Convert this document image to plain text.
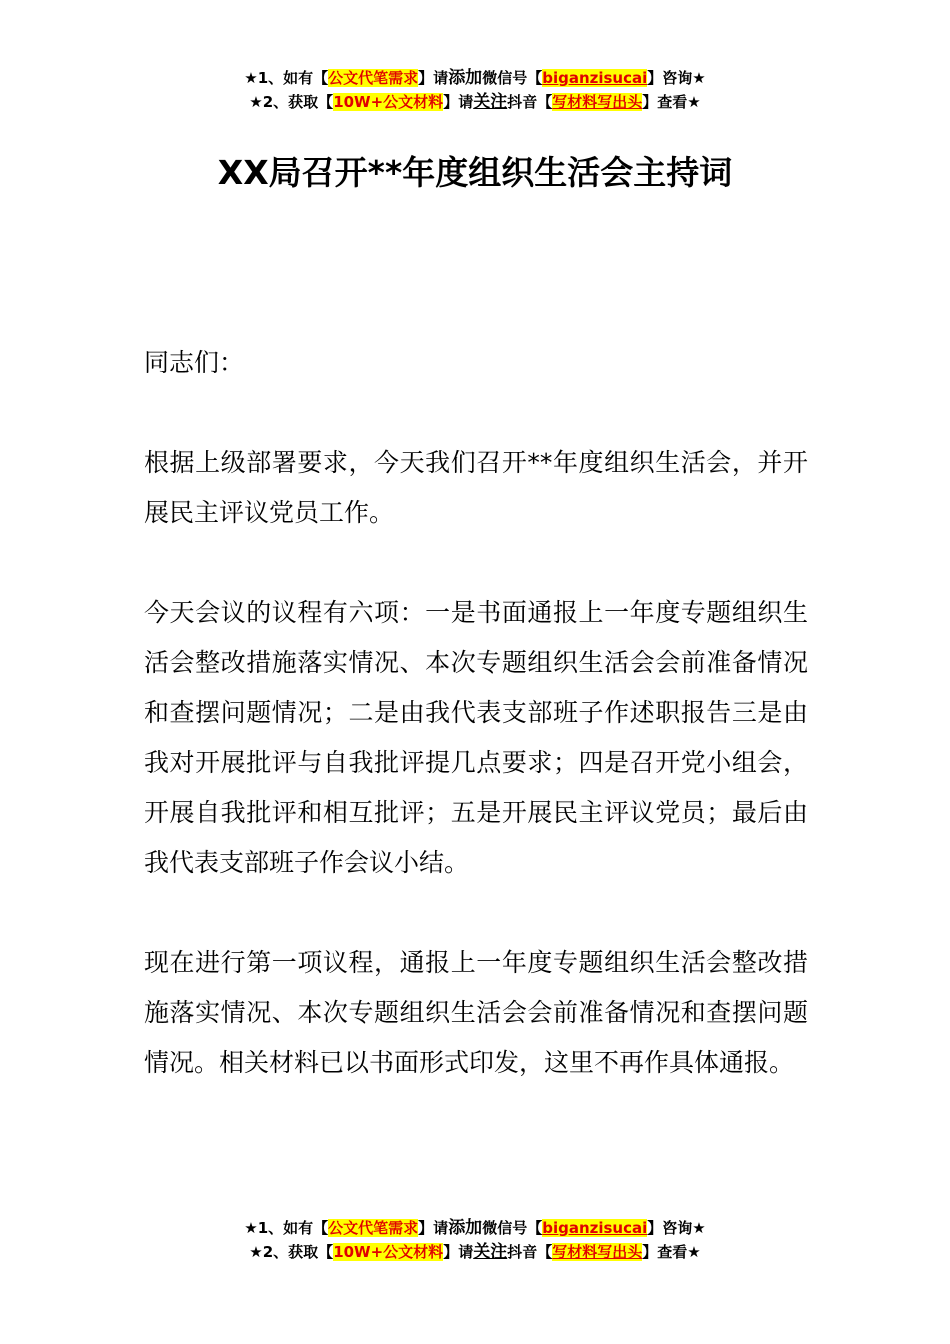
★1、如有【公文代笔需求】请添加微信号【biganzisucai】咨询★
★2、获取【10W+公文材料】请关注抖音【写材料写出头】查看★
XX局召开**年度组织生活会主持词

同志们：

根据上级部署要求，今天我们召开**年度组织生活会，并开展民主评议党员工作。

今天会议的议程有六项：一是书面通报上一年度专题组织生活会整改措施落实情况、本次专题组织生活会会前准备情况和查摆问题情况；二是由我代表支部班子作述职报告三是由我对开展批评与自我批评提几点要求；四是召开党小组会，开展自我批评和相互批评；五是开展民主评议党员；最后由我代表支部班子作会议小结。

现在进行第一项议程，通报上一年度专题组织生活会整改措施落实情况、本次专题组织生活会会前准备情况和查摆问题情况。相关材料已以书面形式印发，这里不再作具体通报。

★1、如有【公文代笔需求】请添加微信号【biganzisucai】咨询★
★2、获取【10W+公文材料】请关注抖音【写材料写出头】查看★
